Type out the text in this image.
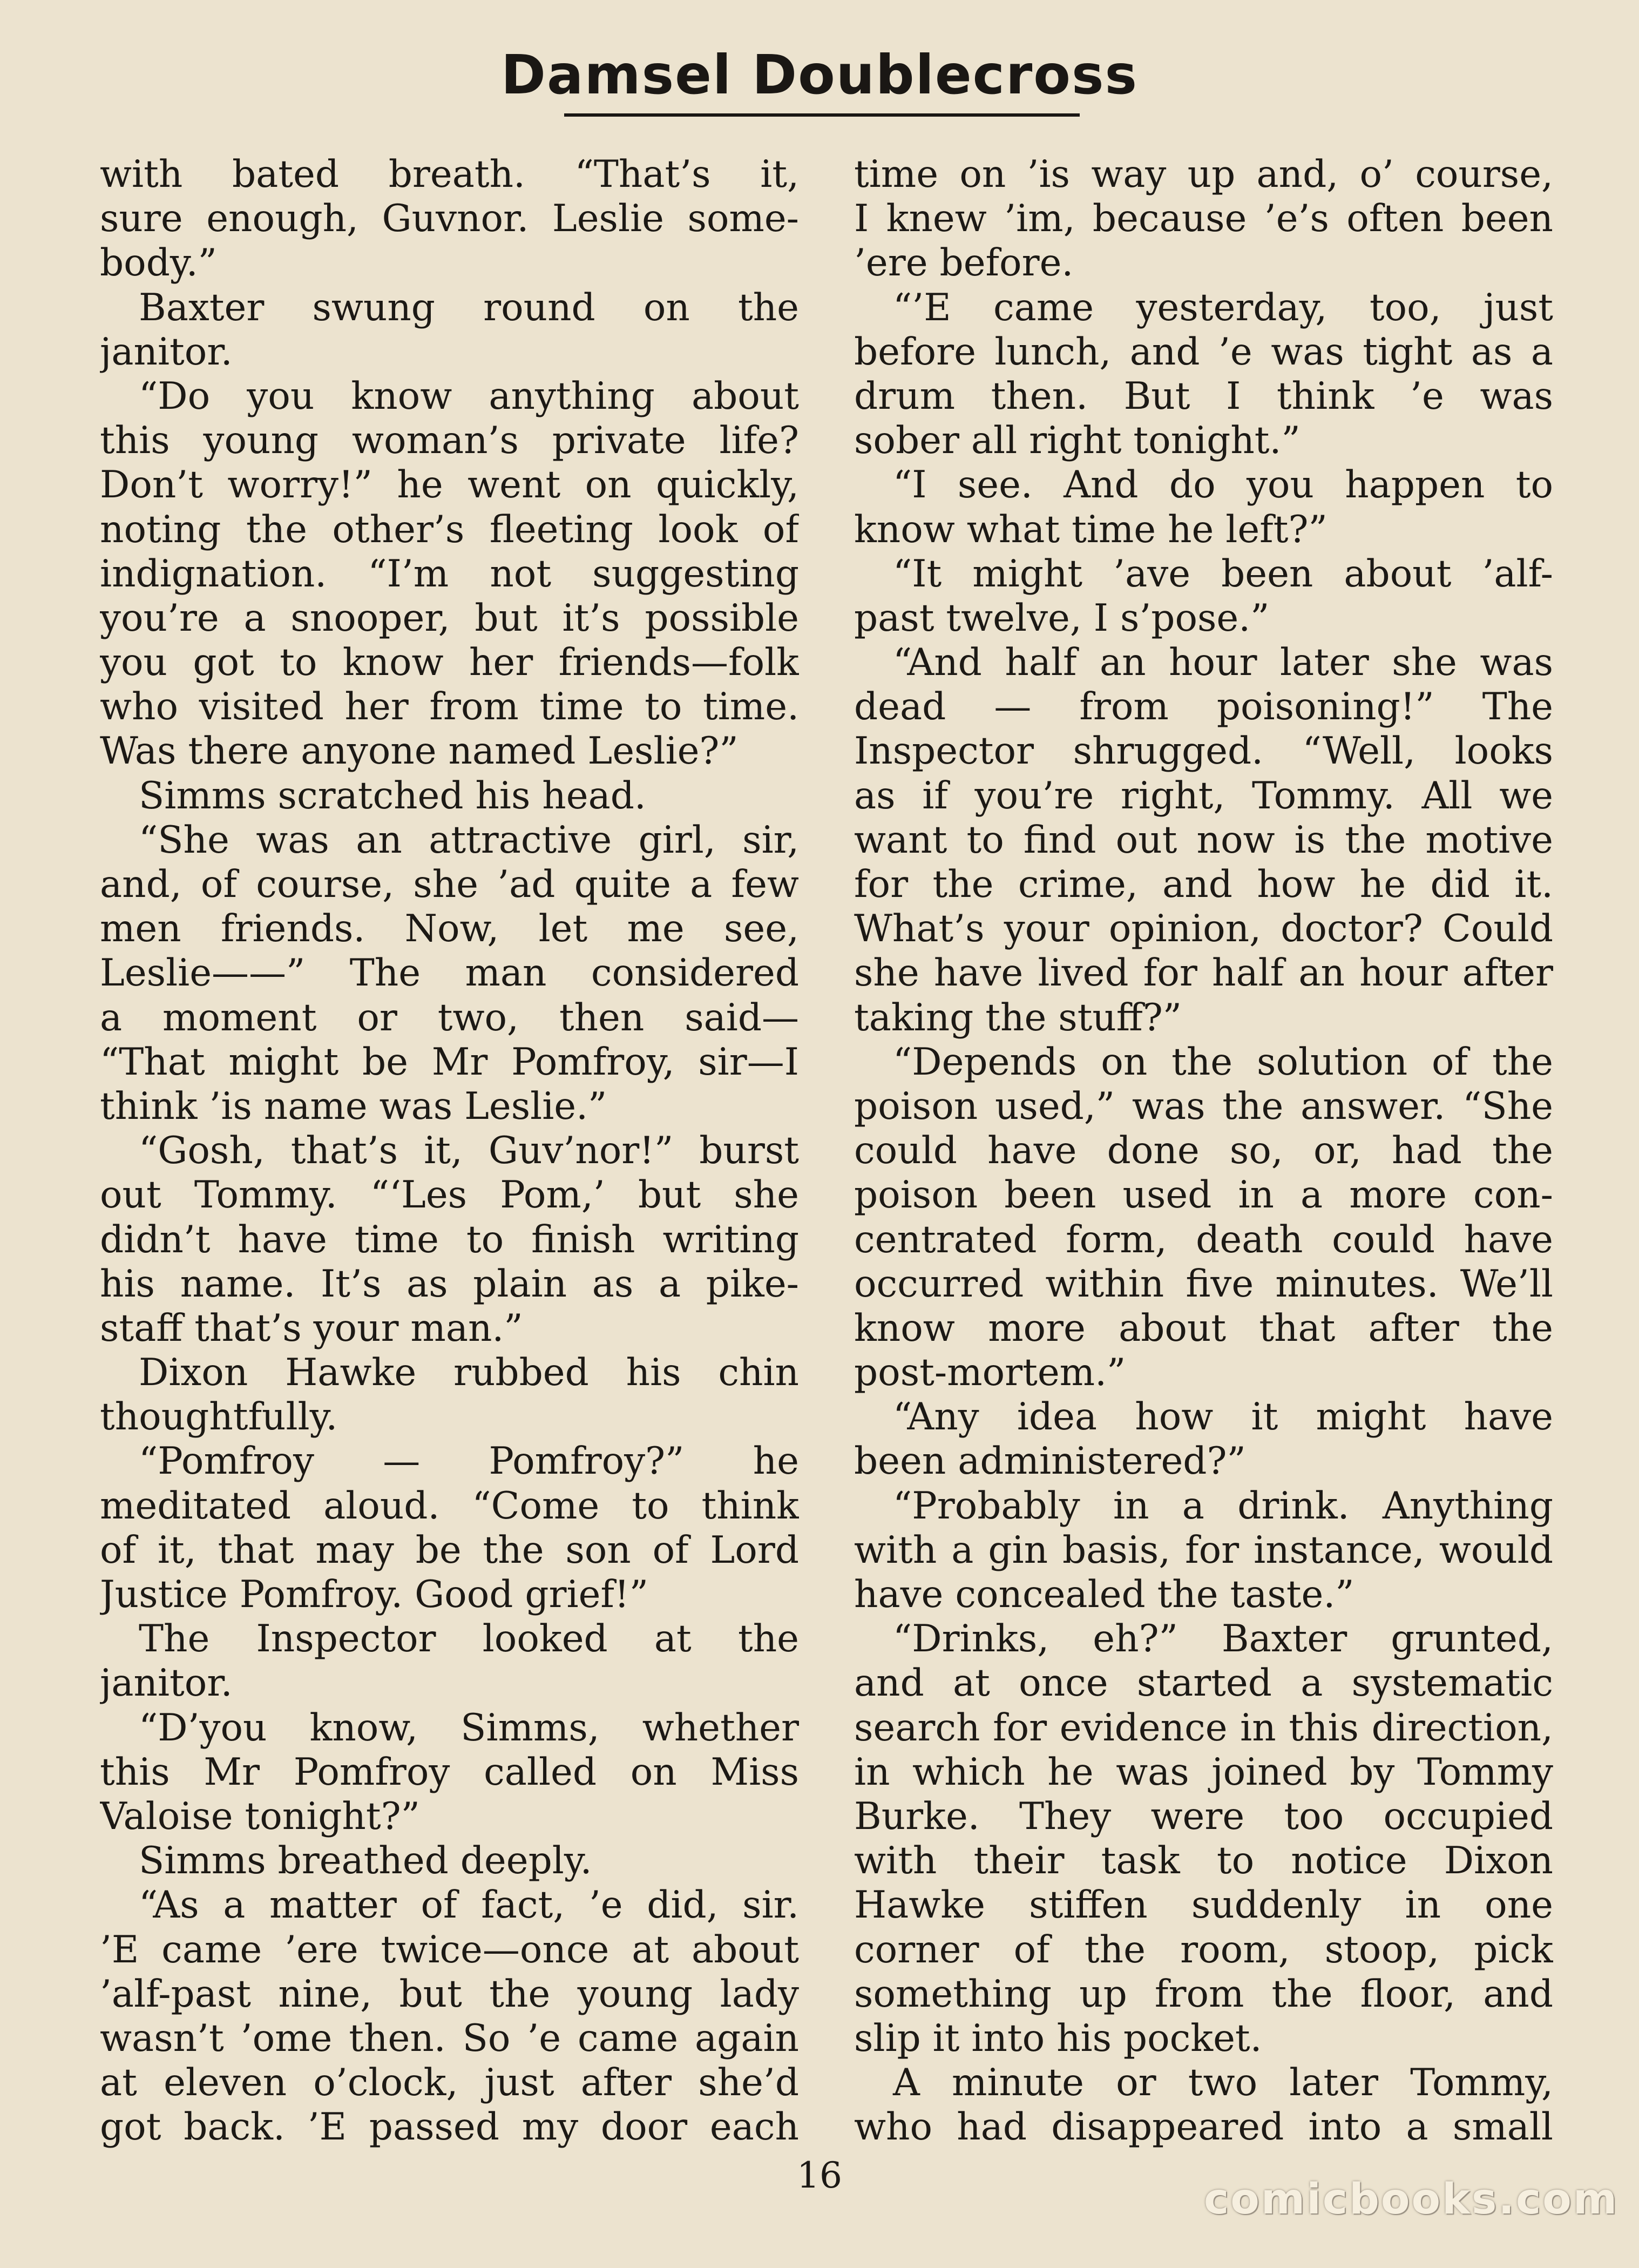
Damsel Doublecross
with bated breath. “That’s it,
sure enough, Guvnor. Leslie some-
body.”
Baxter swung round on the
janitor.
“Do you know anything about
this young woman’s private life?
Don’t worry!” he went on quickly,
noting the other’s fleeting look of
indignation. “I’m not suggesting
you’re a snooper, but it’s possible
you got to know her friends—folk
who visited her from time to time.
Was there anyone named Leslie?”
Simms scratched his head.
“She was an attractive girl, sir,
and, of course, she ’ad quite a few
men friends. Now, let me see,
Leslie——” The man considered
a moment or two, then said—
“That might be Mr Pomfroy, sir—I
think ’is name was Leslie.”
“Gosh, that’s it, Guv’nor!” burst
out Tommy. “‘Les Pom,’ but she
didn’t have time to finish writing
his name. It’s as plain as a pike-
staff that’s your man.”
Dixon Hawke rubbed his chin
thoughtfully.
“Pomfroy — Pomfroy?” he
meditated aloud. “Come to think
of it, that may be the son of Lord
Justice Pomfroy. Good grief!”
The Inspector looked at the
janitor.
“D’you know, Simms, whether
this Mr Pomfroy called on Miss
Valoise tonight?”
Simms breathed deeply.
“As a matter of fact, ’e did, sir.
’E came ’ere twice—once at about
’alf-past nine, but the young lady
wasn’t ’ome then. So ’e came again
at eleven o’clock, just after she’d
got back. ’E passed my door each
time on ’is way up and, o’ course,
I knew ’im, because ’e’s often been
’ere before.
“’E came yesterday, too, just
before lunch, and ’e was tight as a
drum then. But I think ’e was
sober all right tonight.”
“I see. And do you happen to
know what time he left?”
“It might ’ave been about ’alf-
past twelve, I s’pose.”
“And half an hour later she was
dead — from poisoning!” The
Inspector shrugged. “Well, looks
as if you’re right, Tommy. All we
want to find out now is the motive
for the crime, and how he did it.
What’s your opinion, doctor? Could
she have lived for half an hour after
taking the stuff?”
“Depends on the solution of the
poison used,” was the answer. “She
could have done so, or, had the
poison been used in a more con-
centrated form, death could have
occurred within five minutes. We’ll
know more about that after the
post-mortem.”
“Any idea how it might have
been administered?”
“Probably in a drink. Anything
with a gin basis, for instance, would
have concealed the taste.”
“Drinks, eh?” Baxter grunted,
and at once started a systematic
search for evidence in this direction,
in which he was joined by Tommy
Burke. They were too occupied
with their task to notice Dixon
Hawke stiffen suddenly in one
corner of the room, stoop, pick
something up from the floor, and
slip it into his pocket.
A minute or two later Tommy,
who had disappeared into a small
16	comicbooks.com
